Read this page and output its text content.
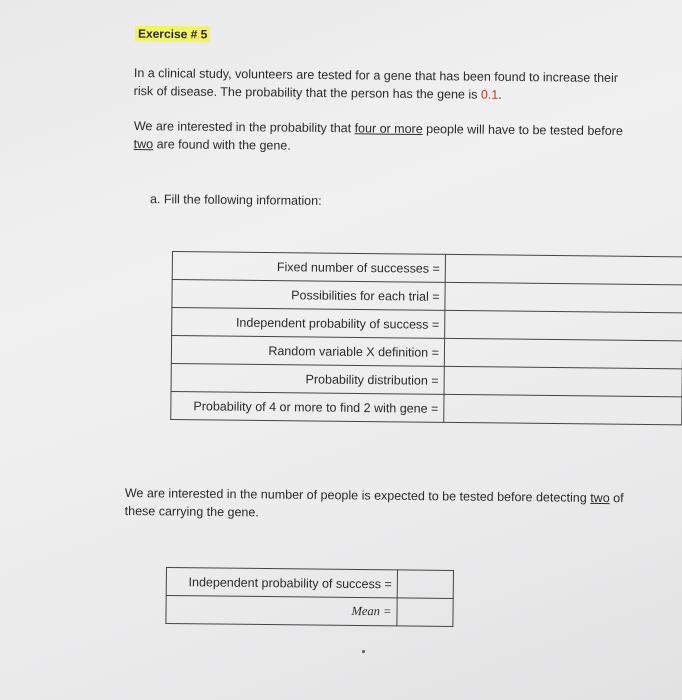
Exercise # 5
In a clinical study, volunteers are tested for a gene that has been found to increase their risk of disease. The probability that the person has the gene is 0.1.
We are interested in the probability that four or more people will have to be tested before two are found with the gene.
a. Fill the following information:
Fixed number of successes =	
Possibilities for each trial =	
Independent probability of success =	
Random variable X definition =	
Probability distribution =	
Probability of 4 or more to find 2 with gene =	
We are interested in the number of people is expected to be tested before detecting two of these carrying the gene.
Independent probability of success =	
Mean =	
